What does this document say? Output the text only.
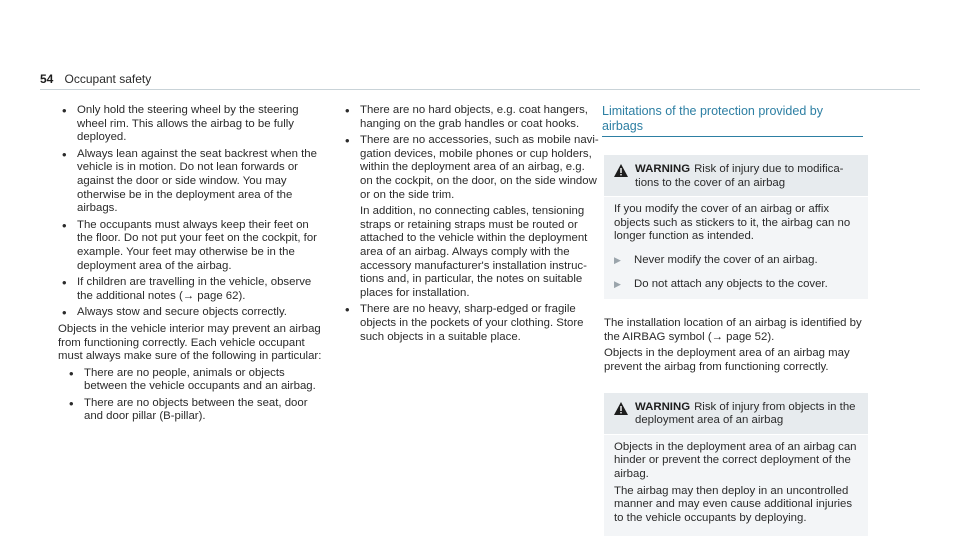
54 Occupant safety
• Only hold the steering wheel by the steering wheel rim. This allows the airbag to be fully deployed.
• Always lean against the seat backrest when the vehicle is in motion. Do not lean forwards or against the door or side window. You may otherwise be in the deployment area of the airbags.
• The occupants must always keep their feet on the floor. Do not put your feet on the cockpit, for example. Your feet may otherwise be in the deployment area of the airbag.
• If children are travelling in the vehicle, observe the additional notes (→ page 62).
• Always stow and secure objects correctly.

Objects in the vehicle interior may prevent an airbag from functioning correctly. Each vehicle occupant must always make sure of the following in particular:

• There are no people, animals or objects between the vehicle occupants and an airbag.
• There are no objects between the seat, door and door pillar (B-pillar).
• There are no hard objects, e.g. coat hangers, hanging on the grab handles or coat hooks.
• There are no accessories, such as mobile navigation devices, mobile phones or cup holders, within the deployment area of an airbag, e.g. on the cockpit, on the door, on the side window or on the side trim.
In addition, no connecting cables, tensioning straps or retaining straps must be routed or attached to the vehicle within the deployment area of an airbag. Always comply with the accessory manufacturer's installation instructions and, in particular, the notes on suitable places for installation.
• There are no heavy, sharp-edged or fragile objects in the pockets of your clothing. Store such objects in a suitable place.
Limitations of the protection provided by airbags
WARNING Risk of injury due to modifications to the cover of an airbag

If you modify the cover of an airbag or affix objects such as stickers to it, the airbag can no longer function as intended.

▶ Never modify the cover of an airbag.
▶ Do not attach any objects to the cover.

The installation location of an airbag is identified by the AIRBAG symbol (→ page 52).

Objects in the deployment area of an airbag may prevent the airbag from functioning correctly.

WARNING Risk of injury from objects in the deployment area of an airbag

Objects in the deployment area of an airbag can hinder or prevent the correct deployment of the airbag.

The airbag may then deploy in an uncontrolled manner and may even cause additional injuries to the vehicle occupants by deploying.
